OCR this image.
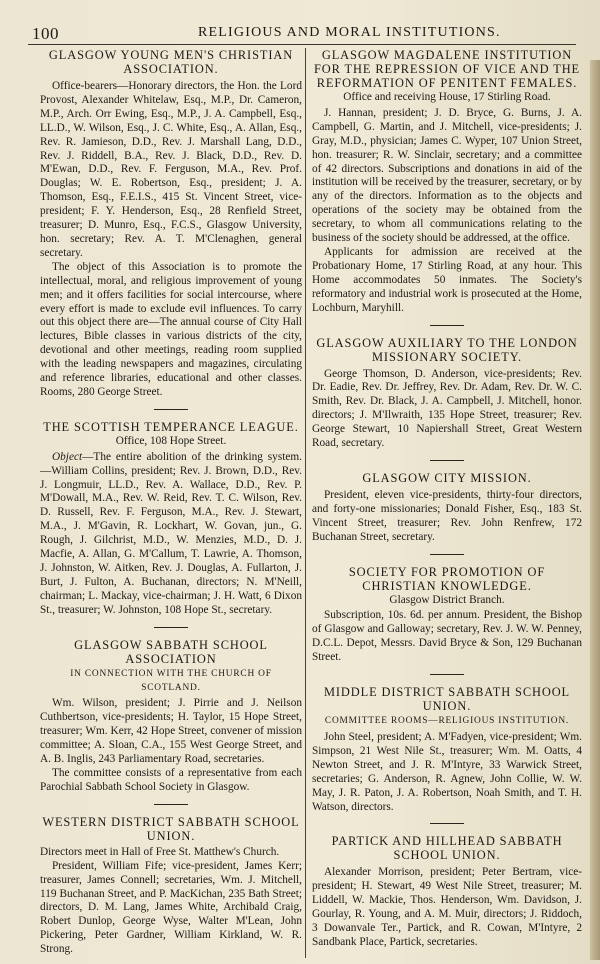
100	RELIGIOUS AND MORAL INSTITUTIONS.
GLASGOW YOUNG MEN'S CHRISTIAN ASSOCIATION.

Office-bearers—Honorary directors, the Hon. the Lord Provost, Alexander Whitelaw, Esq., M.P., Dr. Cameron, M.P., Arch. Orr Ewing, Esq., M.P., J. A. Campbell, Esq., LL.D., W. Wilson, Esq., J. C. White, Esq., A. Allan, Esq., Rev. R. Jamieson, D.D., Rev. J. Marshall Lang, D.D., Rev. J. Riddell, B.A., Rev. J. Black, D.D., Rev. D. M'Ewan, D.D., Rev. F. Ferguson, M.A., Rev. Prof. Douglas; W. E. Robertson, Esq., president; J. A. Thomson, Esq., F.E.I.S., 415 St. Vincent Street, vice-president; F. Y. Henderson, Esq., 28 Renfield Street, treasurer; D. Munro, Esq., F.C.S., Glasgow University, hon. secretary; Rev. A. T. M'Clenaghen, general secretary.

The object of this Association is to promote the intellectual, moral, and religious improvement of young men; and it offers facilities for social intercourse, where every effort is made to exclude evil influences. To carry out this object there are—The annual course of City Hall lectures, Bible classes in various districts of the city, devotional and other meetings, reading room supplied with the leading newspapers and magazines, circulating and reference libraries, educational and other classes. Rooms, 280 George Street.

THE SCOTTISH TEMPERANCE LEAGUE.
Office, 108 Hope Street.

Object—The entire abolition of the drinking system. —William Collins, president; Rev. J. Brown, D.D., Rev. J. Longmuir, LL.D., Rev. A. Wallace, D.D., Rev. P. M'Dowall, M.A., Rev. W. Reid, Rev. T. C. Wilson, Rev. D. Russell, Rev. F. Ferguson, M.A., Rev. J. Stewart, M.A., J. M'Gavin, R. Lockhart, W. Govan, jun., G. Rough, J. Gilchrist, M.D., W. Menzies, M.D., D. J. Macfie, A. Allan, G. M'Callum, T. Lawrie, A. Thomson, J. Johnston, W. Aitken, Rev. J. Douglas, A. Fullarton, J. Burt, J. Fulton, A. Buchanan, directors; N. M'Neill, chairman; L. Mackay, vice-chairman; J. H. Watt, 6 Dixon St., treasurer; W. Johnston, 108 Hope St., secretary.

GLASGOW SABBATH SCHOOL ASSOCIATION
IN CONNECTION WITH THE CHURCH OF SCOTLAND.

Wm. Wilson, president; J. Pirrie and J. Neilson Cuthbertson, vice-presidents; H. Taylor, 15 Hope Street, treasurer; Wm. Kerr, 42 Hope Street, convener of mission committee; A. Sloan, C.A., 155 West George Street, and A. B. Inglis, 243 Parliamentary Road, secretaries.

The committee consists of a representative from each Parochial Sabbath School Society in Glasgow.

WESTERN DISTRICT SABBATH SCHOOL UNION.

Directors meet in Hall of Free St. Matthew's Church.

President, William Fife; vice-president, James Kerr; treasurer, James Connell; secretaries, Wm. J. Mitchell, 119 Buchanan Street, and P. MacKichan, 235 Bath Street; directors, D. M. Lang, James White, Archibald Craig, Robert Dunlop, George Wyse, Walter M'Lean, John Pickering, Peter Gardner, William Kirkland, W. R. Strong.

GLASGOW MAGDALENE INSTITUTION FOR THE REPRESSION OF VICE AND THE REFORMATION OF PENITENT FEMALES.
Office and receiving House, 17 Stirling Road.

J. Hannan, president; J. D. Bryce, G. Burns, J. A. Campbell, G. Martin, and J. Mitchell, vice-presidents; J. Gray, M.D., physician; James C. Wyper, 107 Union Street, hon. treasurer; R. W. Sinclair, secretary; and a committee of 42 directors. Subscriptions and donations in aid of the institution will be received by the treasurer, secretary, or by any of the directors. Information as to the objects and operations of the society may be obtained from the secretary, to whom all communications relating to the business of the society should be addressed, at the office.

Applicants for admission are received at the Probationary Home, 17 Stirling Road, at any hour. This Home accommodates 50 inmates. The Society's reformatory and industrial work is prosecuted at the Home, Lochburn, Maryhill.

GLASGOW AUXILIARY TO THE LONDON MISSIONARY SOCIETY.

George Thomson, D. Anderson, vice-presidents; Rev. Dr. Eadie, Rev. Dr. Jeffrey, Rev. Dr. Adam, Rev. Dr. W. C. Smith, Rev. Dr. Black, J. A. Campbell, J. Mitchell, honor. directors; J. M'Ilwraith, 135 Hope Street, treasurer; Rev. George Stewart, 10 Napiershall Street, Great Western Road, secretary.

GLASGOW CITY MISSION.

President, eleven vice-presidents, thirty-four directors, and forty-one missionaries; Donald Fisher, Esq., 183 St. Vincent Street, treasurer; Rev. John Renfrew, 172 Buchanan Street, secretary.

SOCIETY FOR PROMOTION OF CHRISTIAN KNOWLEDGE.
Glasgow District Branch.

Subscription, 10s. 6d. per annum. President, the Bishop of Glasgow and Galloway; secretary, Rev. J. W. W. Penney, D.C.L. Depot, Messrs. David Bryce & Son, 129 Buchanan Street.

MIDDLE DISTRICT SABBATH SCHOOL UNION.
COMMITTEE ROOMS—RELIGIOUS INSTITUTION.

John Steel, president; A. M'Fadyen, vice-president; Wm. Simpson, 21 West Nile St., treasurer; Wm. M. Oatts, 4 Newton Street, and J. R. M'Intyre, 33 Warwick Street, secretaries; G. Anderson, R. Agnew, John Collie, W. W. May, J. R. Paton, J. A. Robertson, Noah Smith, and T. H. Watson, directors.

PARTICK AND HILLHEAD SABBATH SCHOOL UNION.

Alexander Morrison, president; Peter Bertram, vice-president; H. Stewart, 49 West Nile Street, treasurer; M. Liddell, W. Mackie, Thos. Henderson, Wm. Davidson, J. Gourlay, R. Young, and A. M. Muir, directors; J. Riddoch, 3 Dowanvale Ter., Partick, and R. Cowan, M'Intyre, 2 Sandbank Place, Partick, secretaries.
